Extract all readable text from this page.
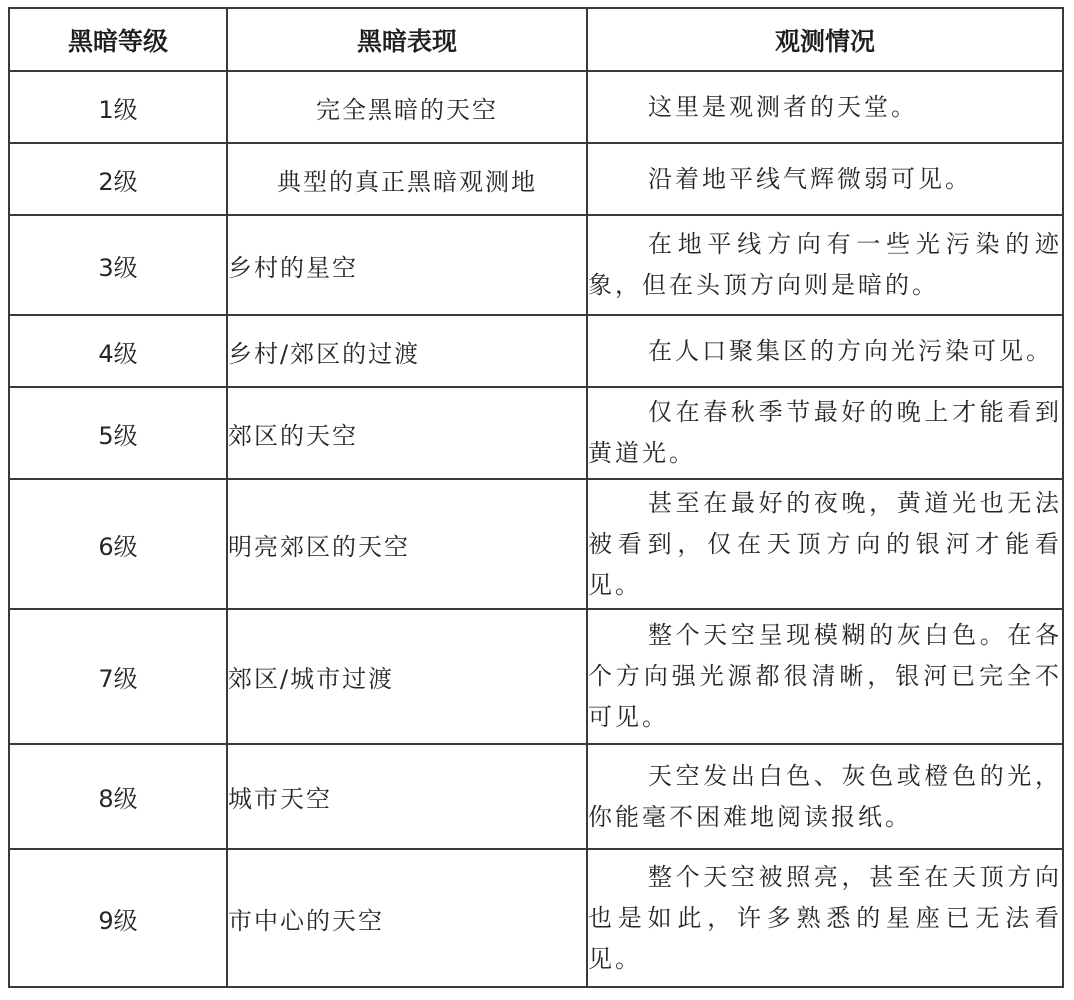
黑暗等级	黑暗表现	观测情况
1级	完全黑暗的天空	这里是观测者的天堂。
2级	典型的真正黑暗观测地	沿着地平线气辉微弱可见。
3级	乡村的星空	在地平线方向有一些光污染的迹象，但在头顶方向则是暗的。
4级	乡村/郊区的过渡	在人口聚集区的方向光污染可见。
5级	郊区的天空	仅在春秋季节最好的晚上才能看到黄道光。
6级	明亮郊区的天空	甚至在最好的夜晚，黄道光也无法被看到，仅在天顶方向的银河才能看见。
7级	郊区/城市过渡	整个天空呈现模糊的灰白色。在各个方向强光源都很清晰，银河已完全不可见。
8级	城市天空	天空发出白色、灰色或橙色的光，你能毫不困难地阅读报纸。
9级	市中心的天空	整个天空被照亮，甚至在天顶方向也是如此，许多熟悉的星座已无法看见。
